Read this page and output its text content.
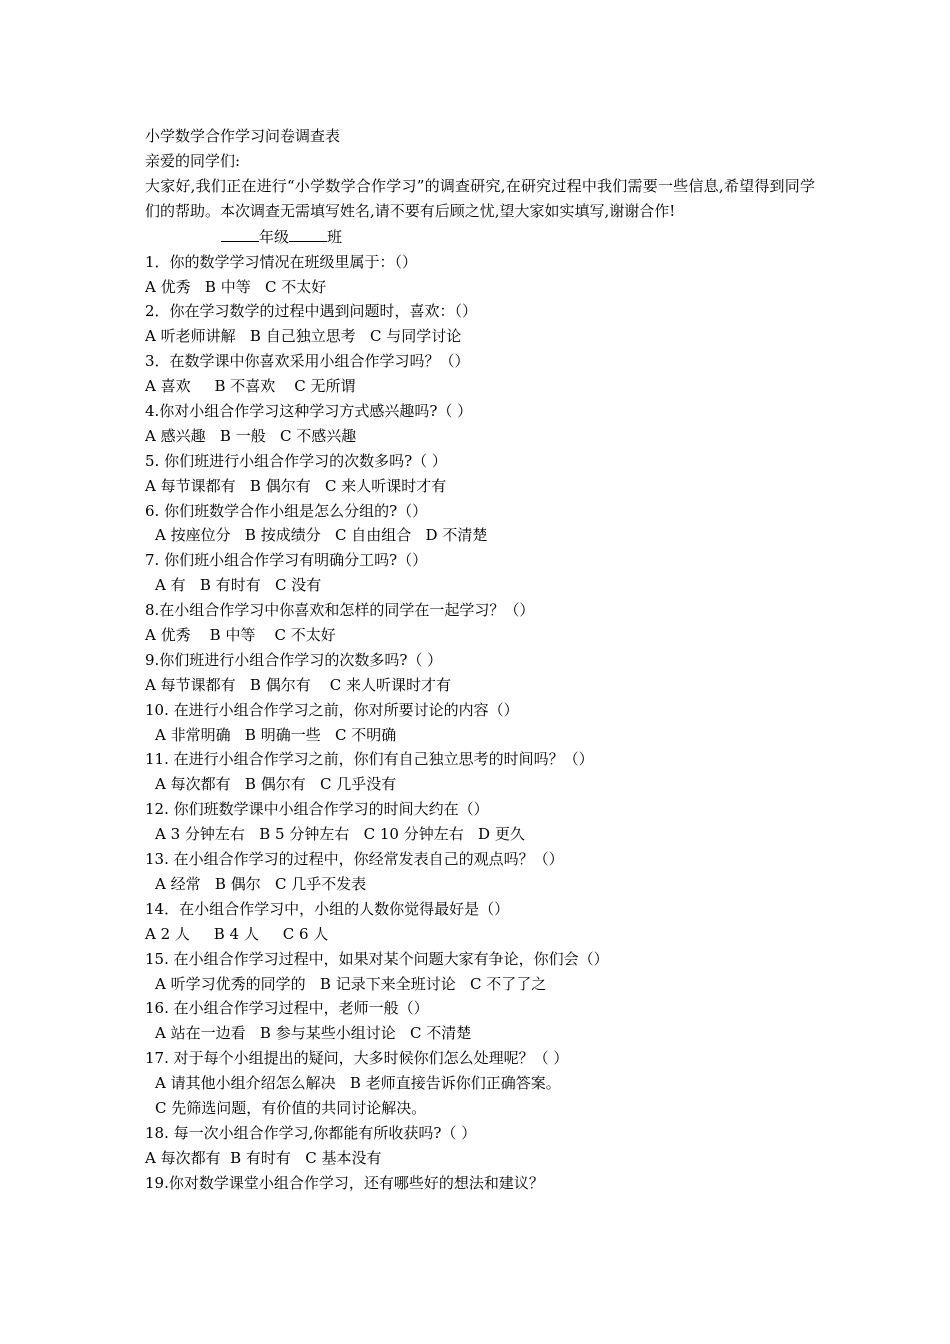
小学数学合作学习问卷调查表
亲爱的同学们:
大家好,我们正在进行“小学数学合作学习”的调查研究,在研究过程中我们需要一些信息,希望得到同学们的帮助。本次调查无需填写姓名,请不要有后顾之忧,望大家如实填写,谢谢合作!
年级	班
1．你的数学学习情况在班级里属于：（）
A 优秀   B 中等   C 不太好
2．你在学习数学的过程中遇到问题时，喜欢：（）
A 听老师讲解   B 自己独立思考   C 与同学讨论
3．在数学课中你喜欢采用小组合作学习吗？（）
A 喜欢     B 不喜欢    C 无所谓
4.你对小组合作学习这种学习方式感兴趣吗?（ ）
A 感兴趣   B 一般   C 不感兴趣
5. 你们班进行小组合作学习的次数多吗?（ ）
A 每节课都有   B 偶尔有   C 来人听课时才有
6. 你们班数学合作小组是怎么分组的?（）
A 按座位分   B 按成绩分   C 自由组合   D 不清楚
7. 你们班小组合作学习有明确分工吗?（）
A 有   B 有时有   C 没有
8.在小组合作学习中你喜欢和怎样的同学在一起学习？（）
A 优秀    B 中等    C 不太好
9.你们班进行小组合作学习的次数多吗?（ ）
A 每节课都有   B 偶尔有    C 来人听课时才有
10. 在进行小组合作学习之前，你对所要讨论的内容（）
A 非常明确   B 明确一些   C 不明确
11. 在进行小组合作学习之前，你们有自己独立思考的时间吗？（）
A 每次都有   B 偶尔有   C 几乎没有
12. 你们班数学课中小组合作学习的时间大约在（）
A 3 分钟左右   B 5 分钟左右   C 10 分钟左右   D 更久
13. 在小组合作学习的过程中，你经常发表自己的观点吗？（）
A 经常   B 偶尔   C 几乎不发表
14．在小组合作学习中，小组的人数你觉得最好是（）
A 2 人     B 4 人     C 6 人
15. 在小组合作学习过程中，如果对某个问题大家有争论，你们会（）
A 听学习优秀的同学的   B 记录下来全班讨论   C 不了了之
16. 在小组合作学习过程中，老师一般（）
A 站在一边看   B 参与某些小组讨论   C 不清楚
17. 对于每个小组提出的疑问，大多时候你们怎么处理呢？（ ）
A 请其他小组介绍怎么解决   B 老师直接告诉你们正确答案。
C 先筛选问题，有价值的共同讨论解决。
18. 每一次小组合作学习,你都能有所收获吗?（ ）
A 每次都有  B 有时有   C 基本没有
19.你对数学课堂小组合作学习，还有哪些好的想法和建议？
